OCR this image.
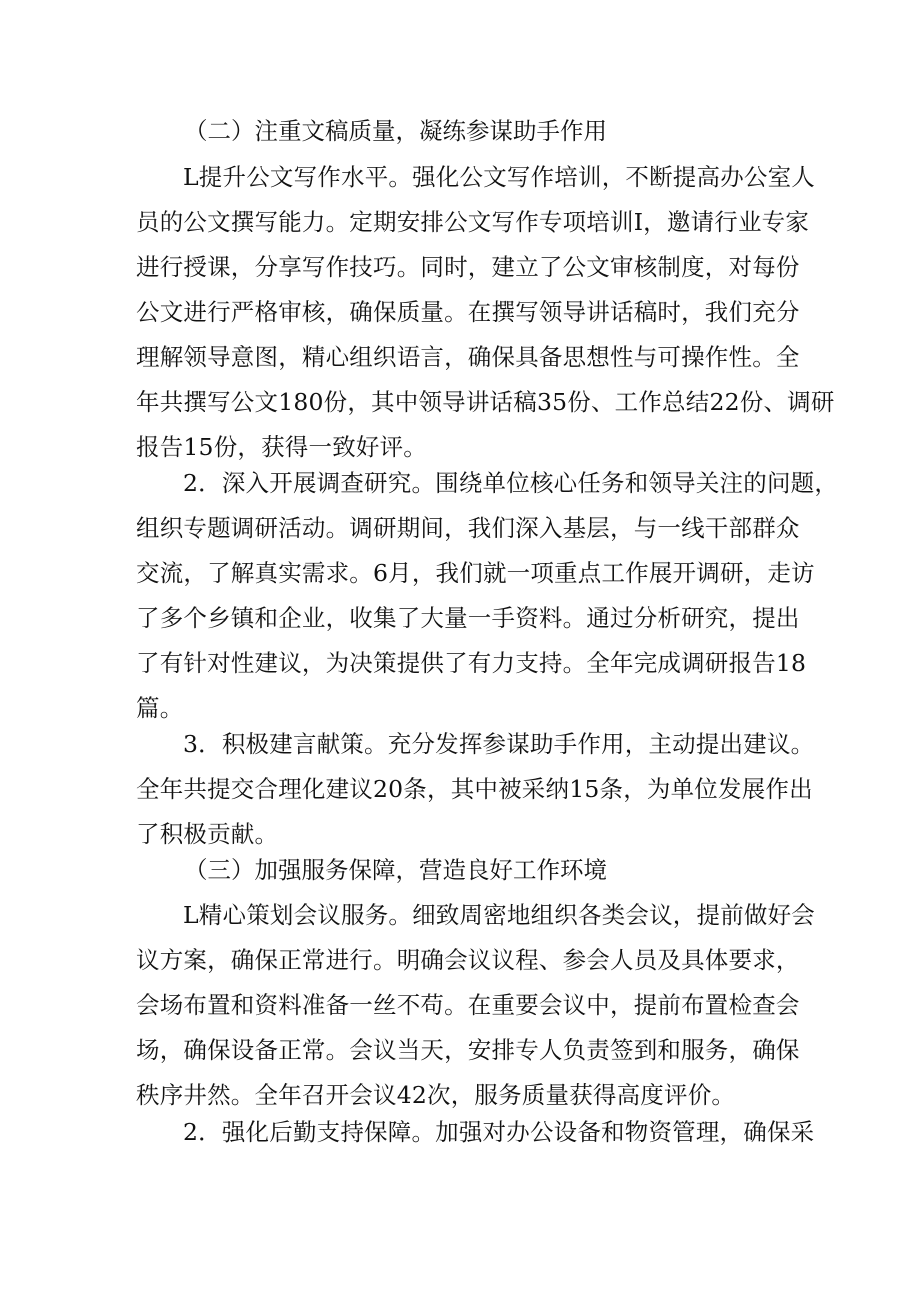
（二）注重文稿质量，凝练参谋助手作用

L提升公文写作水平。强化公文写作培训，不断提高办公室人
员的公文撰写能力。定期安排公文写作专项培训I，邀请行业专家
进行授课，分享写作技巧。同时，建立了公文审核制度，对每份
公文进行严格审核，确保质量。在撰写领导讲话稿时，我们充分
理解领导意图，精心组织语言，确保具备思想性与可操作性。全
年共撰写公文180份，其中领导讲话稿35份、工作总结22份、调研
报告15份，获得一致好评。
2．深入开展调查研究。围绕单位核心任务和领导关注的问题，
组织专题调研活动。调研期间，我们深入基层，与一线干部群众
交流，了解真实需求。6月，我们就一项重点工作展开调研，走访
了多个乡镇和企业，收集了大量一手资料。通过分析研究，提出
了有针对性建议，为决策提供了有力支持。全年完成调研报告18
篇。
3．积极建言献策。充分发挥参谋助手作用，主动提出建议。
全年共提交合理化建议20条，其中被采纳15条，为单位发展作出
了积极贡献。

（三）加强服务保障，营造良好工作环境

L精心策划会议服务。细致周密地组织各类会议，提前做好会
议方案，确保正常进行。明确会议议程、参会人员及具体要求，
会场布置和资料准备一丝不苟。在重要会议中，提前布置检查会
场，确保设备正常。会议当天，安排专人负责签到和服务，确保
秩序井然。全年召开会议42次，服务质量获得高度评价。
2．强化后勤支持保障。加强对办公设备和物资管理，确保采
